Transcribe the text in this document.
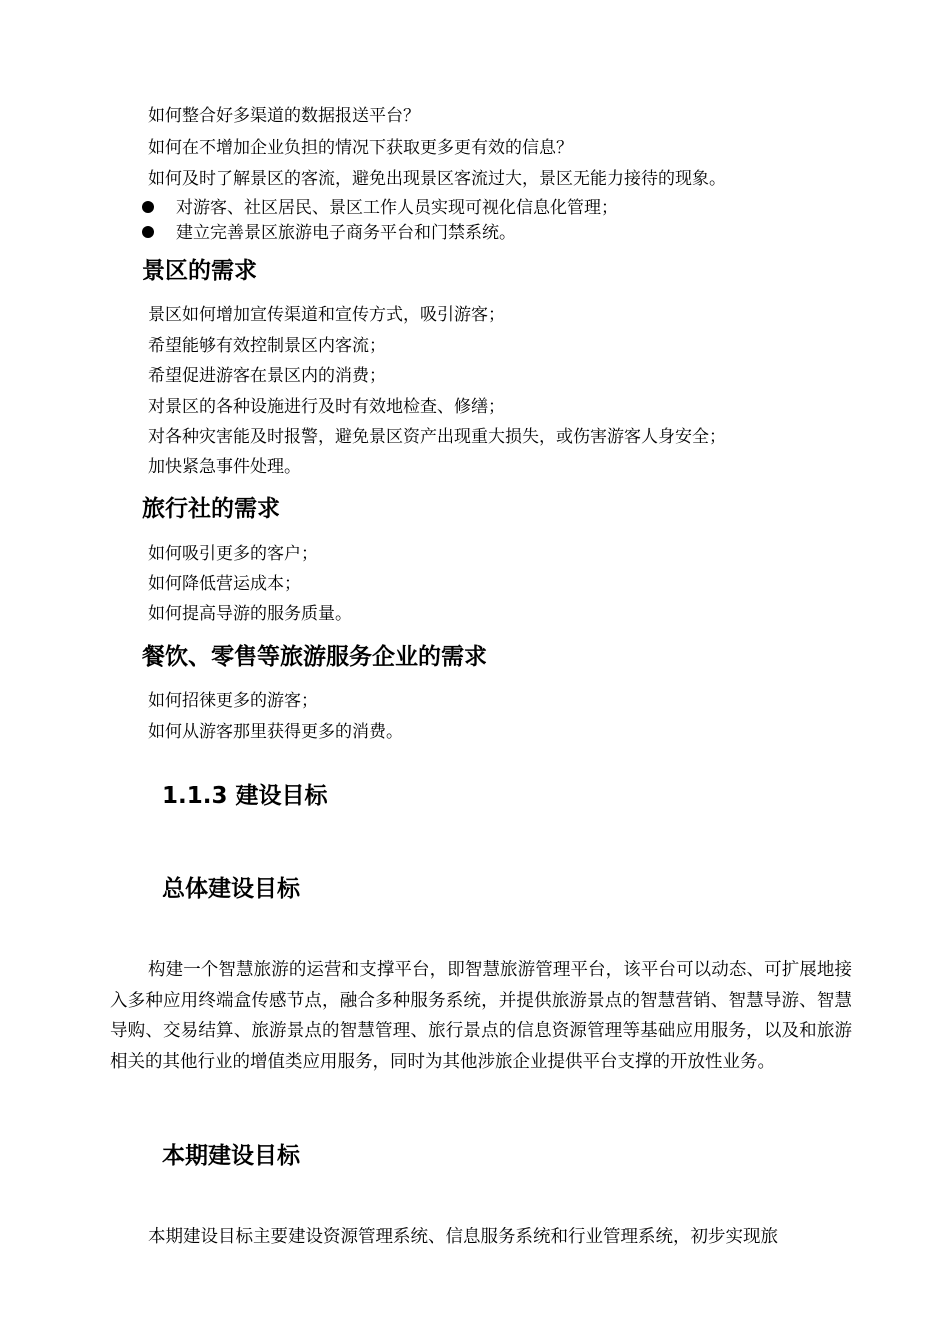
如何整合好多渠道的数据报送平台？
如何在不增加企业负担的情况下获取更多更有效的信息？
如何及时了解景区的客流，避免出现景区客流过大，景区无能力接待的现象。
对游客、社区居民、景区工作人员实现可视化信息化管理；
建立完善景区旅游电子商务平台和门禁系统。
景区的需求
景区如何增加宣传渠道和宣传方式，吸引游客；
希望能够有效控制景区内客流；
希望促进游客在景区内的消费；
对景区的各种设施进行及时有效地检查、修缮；
对各种灾害能及时报警，避免景区资产出现重大损失，或伤害游客人身安全；
加快紧急事件处理。
旅行社的需求
如何吸引更多的客户；
如何降低营运成本；
如何提高导游的服务质量。
餐饮、零售等旅游服务企业的需求
如何招徕更多的游客；
如何从游客那里获得更多的消费。
1.1.3 建设目标
总体建设目标
构建一个智慧旅游的运营和支撑平台，即智慧旅游管理平台，该平台可以动态、可扩展地接入多种应用终端盒传感节点，融合多种服务系统，并提供旅游景点的智慧营销、智慧导游、智慧导购、交易结算、旅游景点的智慧管理、旅行景点的信息资源管理等基础应用服务，以及和旅游相关的其他行业的增值类应用服务，同时为其他涉旅企业提供平台支撑的开放性业务。
本期建设目标
本期建设目标主要建设资源管理系统、信息服务系统和行业管理系统，初步实现旅
